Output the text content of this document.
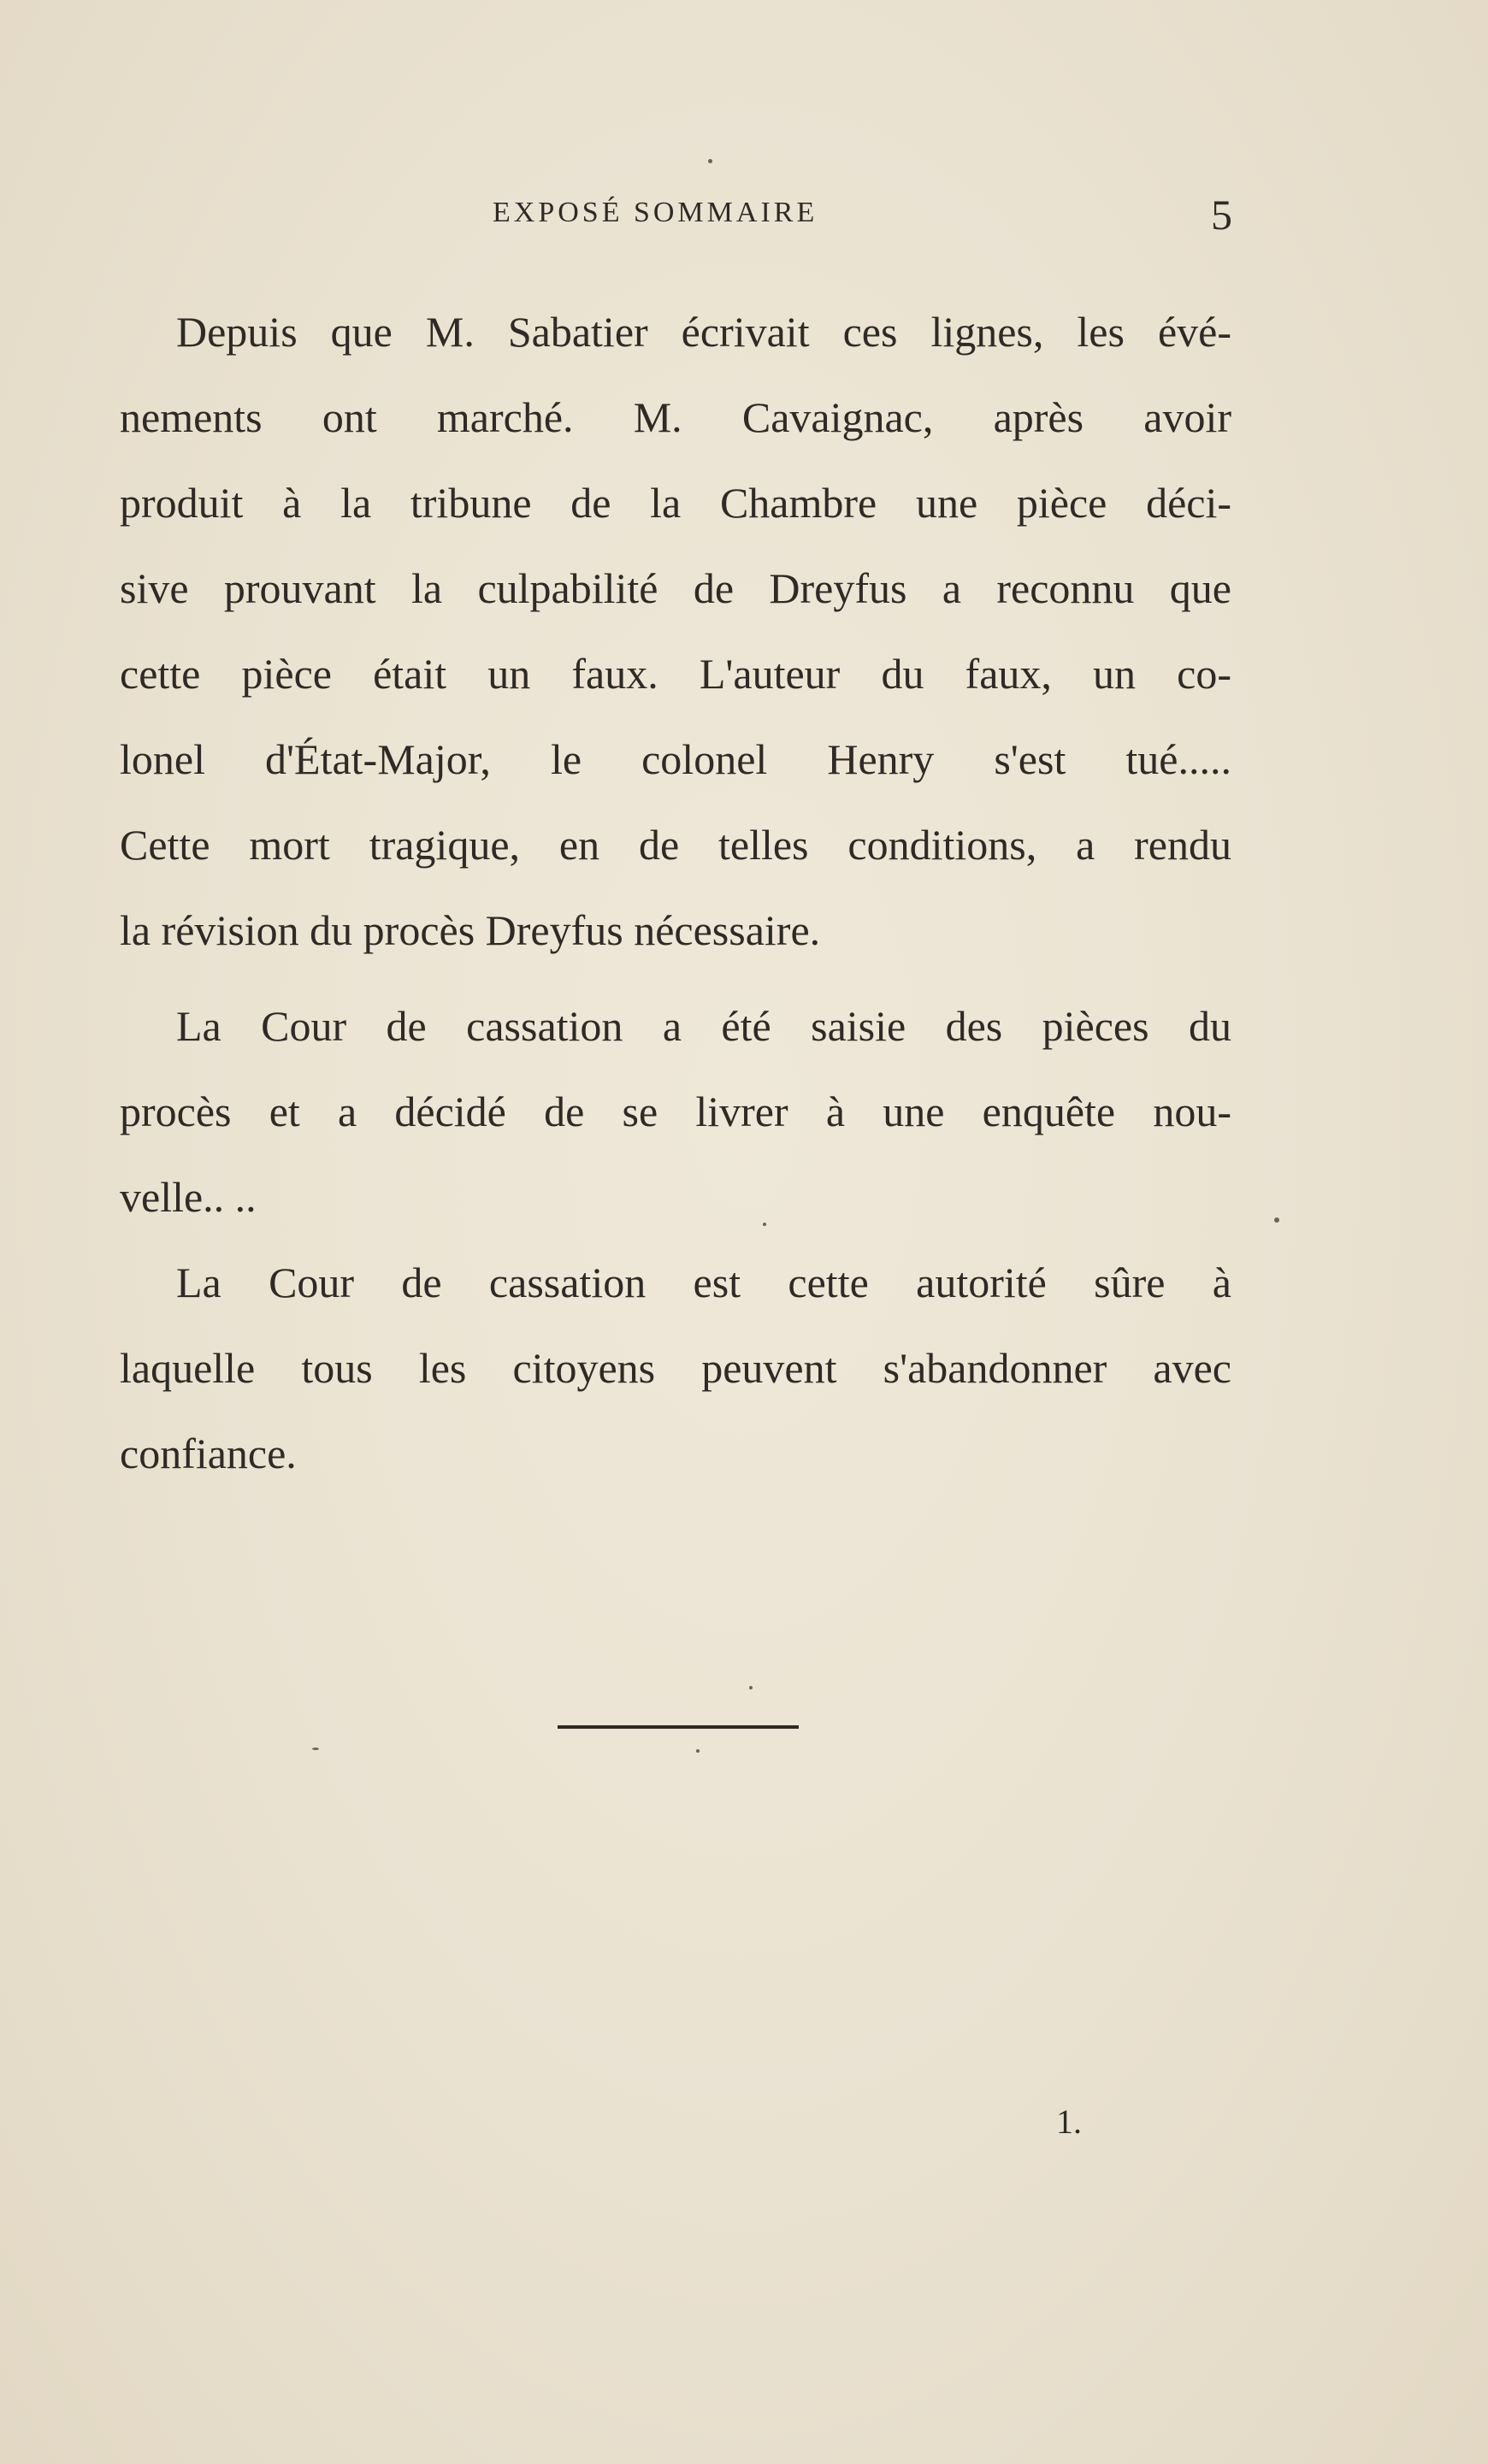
EXPOSÉ SOMMAIRE	5
Depuis que M. Sabatier écrivait ces lignes, les évé-
nements ont marché. M. Cavaignac, après avoir
produit à la tribune de la Chambre une pièce déci-
sive prouvant la culpabilité de Dreyfus a reconnu que
cette pièce était un faux. L'auteur du faux, un co-
lonel d'État-Major, le colonel Henry s'est tué.....
Cette mort tragique, en de telles conditions, a rendu
la révision du procès Dreyfus nécessaire.
La Cour de cassation a été saisie des pièces du
procès et a décidé de se livrer à une enquête nou-
velle.. ..
La Cour de cassation est cette autorité sûre à
laquelle tous les citoyens peuvent s'abandonner avec
confiance.
1.
